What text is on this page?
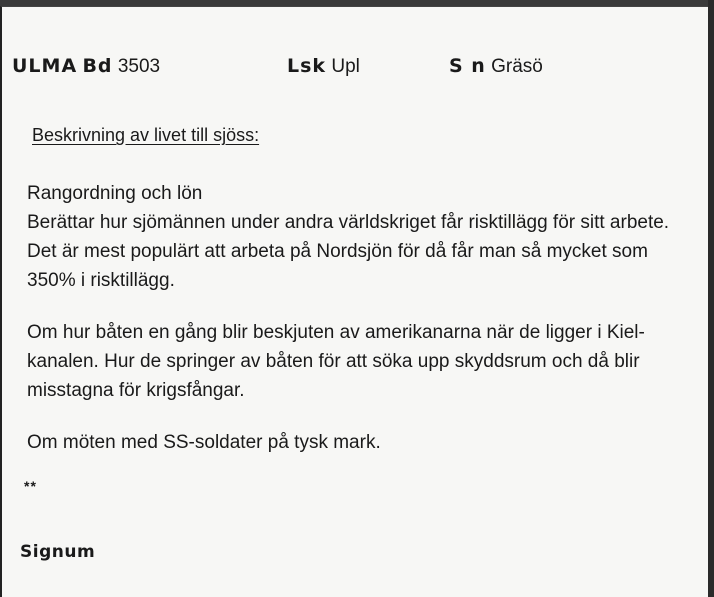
ULMA Bd 3503	Lsk Upl	S n Gräsö
Beskrivning av livet till sjöss:
Rangordning och lön
Berättar hur sjömännen under andra världskriget får risktillägg för sitt arbete. Det är mest populärt att arbeta på Nordsjön för då får man så mycket som 350% i risktillägg.
Om hur båten en gång blir beskjuten av amerikanarna när de ligger i Kiel-kanalen. Hur de springer av båten för att söka upp skyddsrum och då blir misstagna för krigsfångar.
Om möten med SS-soldater på tysk mark.
**
Signum
